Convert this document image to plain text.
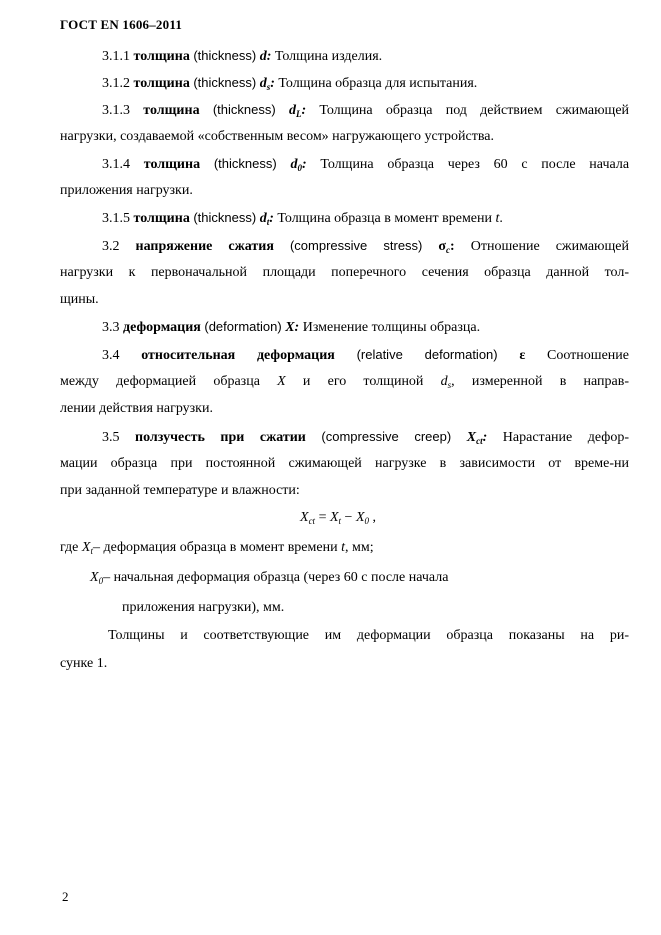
ГОСТ EN 1606–2011
3.1.1 толщина (thickness) d: Толщина изделия.
3.1.2 толщина (thickness) $d_s$: Толщина образца для испытания.
3.1.3 толщина (thickness) $d_L$: Толщина образца под действием сжимающей
нагрузки, создаваемой «собственным весом» нагружающего устройства.
3.1.4 толщина (thickness) $d_0$: Толщина образца через 60 с после начала
приложения нагрузки.
3.1.5 толщина (thickness) $d_t$: Толщина образца в момент времени t.
3.2 напряжение сжатия (compressive stress) $\sigma_c$: Отношение сжимающей
нагрузки к первоначальной площади поперечного сечения образца данной тол-
щины.
3.3 деформация (deformation) X: Изменение толщины образца.
3.4 относительная деформация (relative deformation) ε Соотношение
между деформацией образца X и его толщиной $d_s$, измеренной в направ-
лении действия нагрузки.
3.5 ползучесть при сжатии (compressive creep) $X_{ct}$: Нарастание дефор-
мации образца при постоянной сжимающей нагрузке в зависимости от време-ни
при заданной температуре и влажности:
$X_{ct} = X_t - X_0$ ,
где $X_t-$ деформация образца в момент времени t, мм;
$X_0-$ начальная деформация образца (через 60 с после начала
приложения нагрузки), мм.
Толщины и соответствующие им деформации образца показаны на ри-
сунке 1.
2
